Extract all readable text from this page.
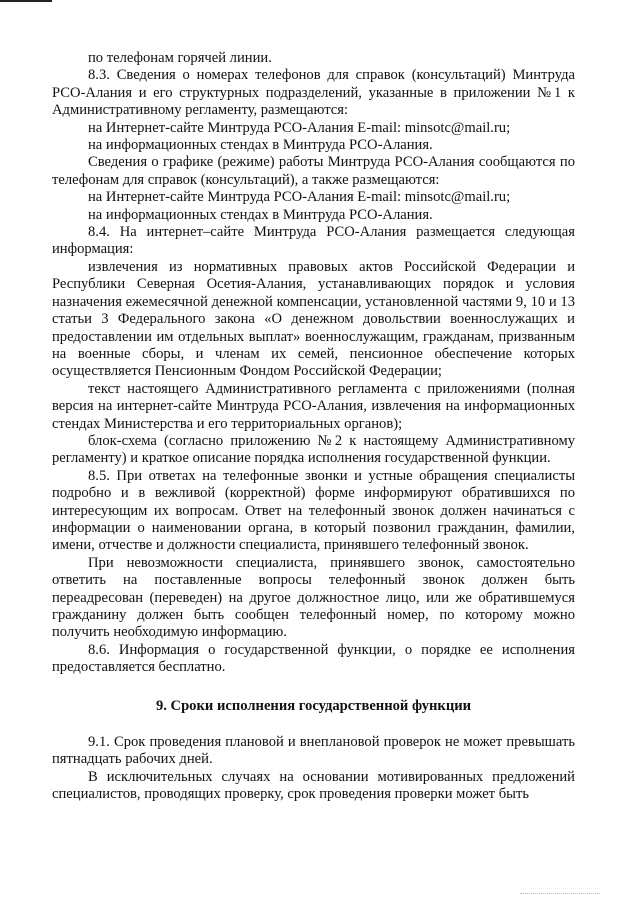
по телефонам горячей линии.

8.3. Сведения о номерах телефонов для справок (консультаций) Минтруда РСО-Алания и его структурных подразделений, указанные в приложении №1 к Административному регламенту, размещаются:

на Интернет-сайте Минтруда РСО-Алания E-mail: minsotc@mail.ru;

на информационных стендах в Минтруда РСО-Алания.

Сведения о графике (режиме) работы Минтруда РСО-Алания сообщаются по телефонам для справок (консультаций), а также размещаются:

на Интернет-сайте Минтруда РСО-Алания E-mail: minsotc@mail.ru;

на информационных стендах в Минтруда РСО-Алания.

8.4. На интернет–сайте Минтруда РСО-Алания размещается следующая информация:

извлечения из нормативных правовых актов Российской Федерации и Республики Северная Осетия-Алания, устанавливающих порядок и условия назначения ежемесячной денежной компенсации, установленной частями 9, 10 и 13 статьи 3 Федерального закона «О денежном довольствии военнослужащих и предоставлении им отдельных выплат» военнослужащим, гражданам, призванным на военные сборы, и членам их семей, пенсионное обеспечение которых осуществляется Пенсионным Фондом Российской Федерации;

текст настоящего Административного регламента с приложениями (полная версия на интернет-сайте Минтруда РСО-Алания, извлечения на информационных стендах Министерства и его территориальных органов);

блок-схема (согласно приложению №2 к настоящему Административному регламенту) и краткое описание порядка исполнения государственной функции.

8.5. При ответах на телефонные звонки и устные обращения специалисты подробно и в вежливой (корректной) форме информируют обратившихся по интересующим их вопросам. Ответ на телефонный звонок должен начинаться с информации о наименовании органа, в который позвонил гражданин, фамилии, имени, отчестве и должности специалиста, принявшего телефонный звонок.

При невозможности специалиста, принявшего звонок, самостоятельно ответить на поставленные вопросы телефонный звонок должен быть переадресован (переведен) на другое должностное лицо, или же обратившемуся гражданину должен быть сообщен телефонный номер, по которому можно получить необходимую информацию.

8.6. Информация о государственной функции, о порядке ее исполнения предоставляется бесплатно.

9. Сроки исполнения государственной функции

9.1. Срок проведения плановой и внеплановой проверок не может превышать пятнадцать рабочих дней.

В исключительных случаях на основании мотивированных предложений специалистов, проводящих проверку, срок проведения проверки может быть
